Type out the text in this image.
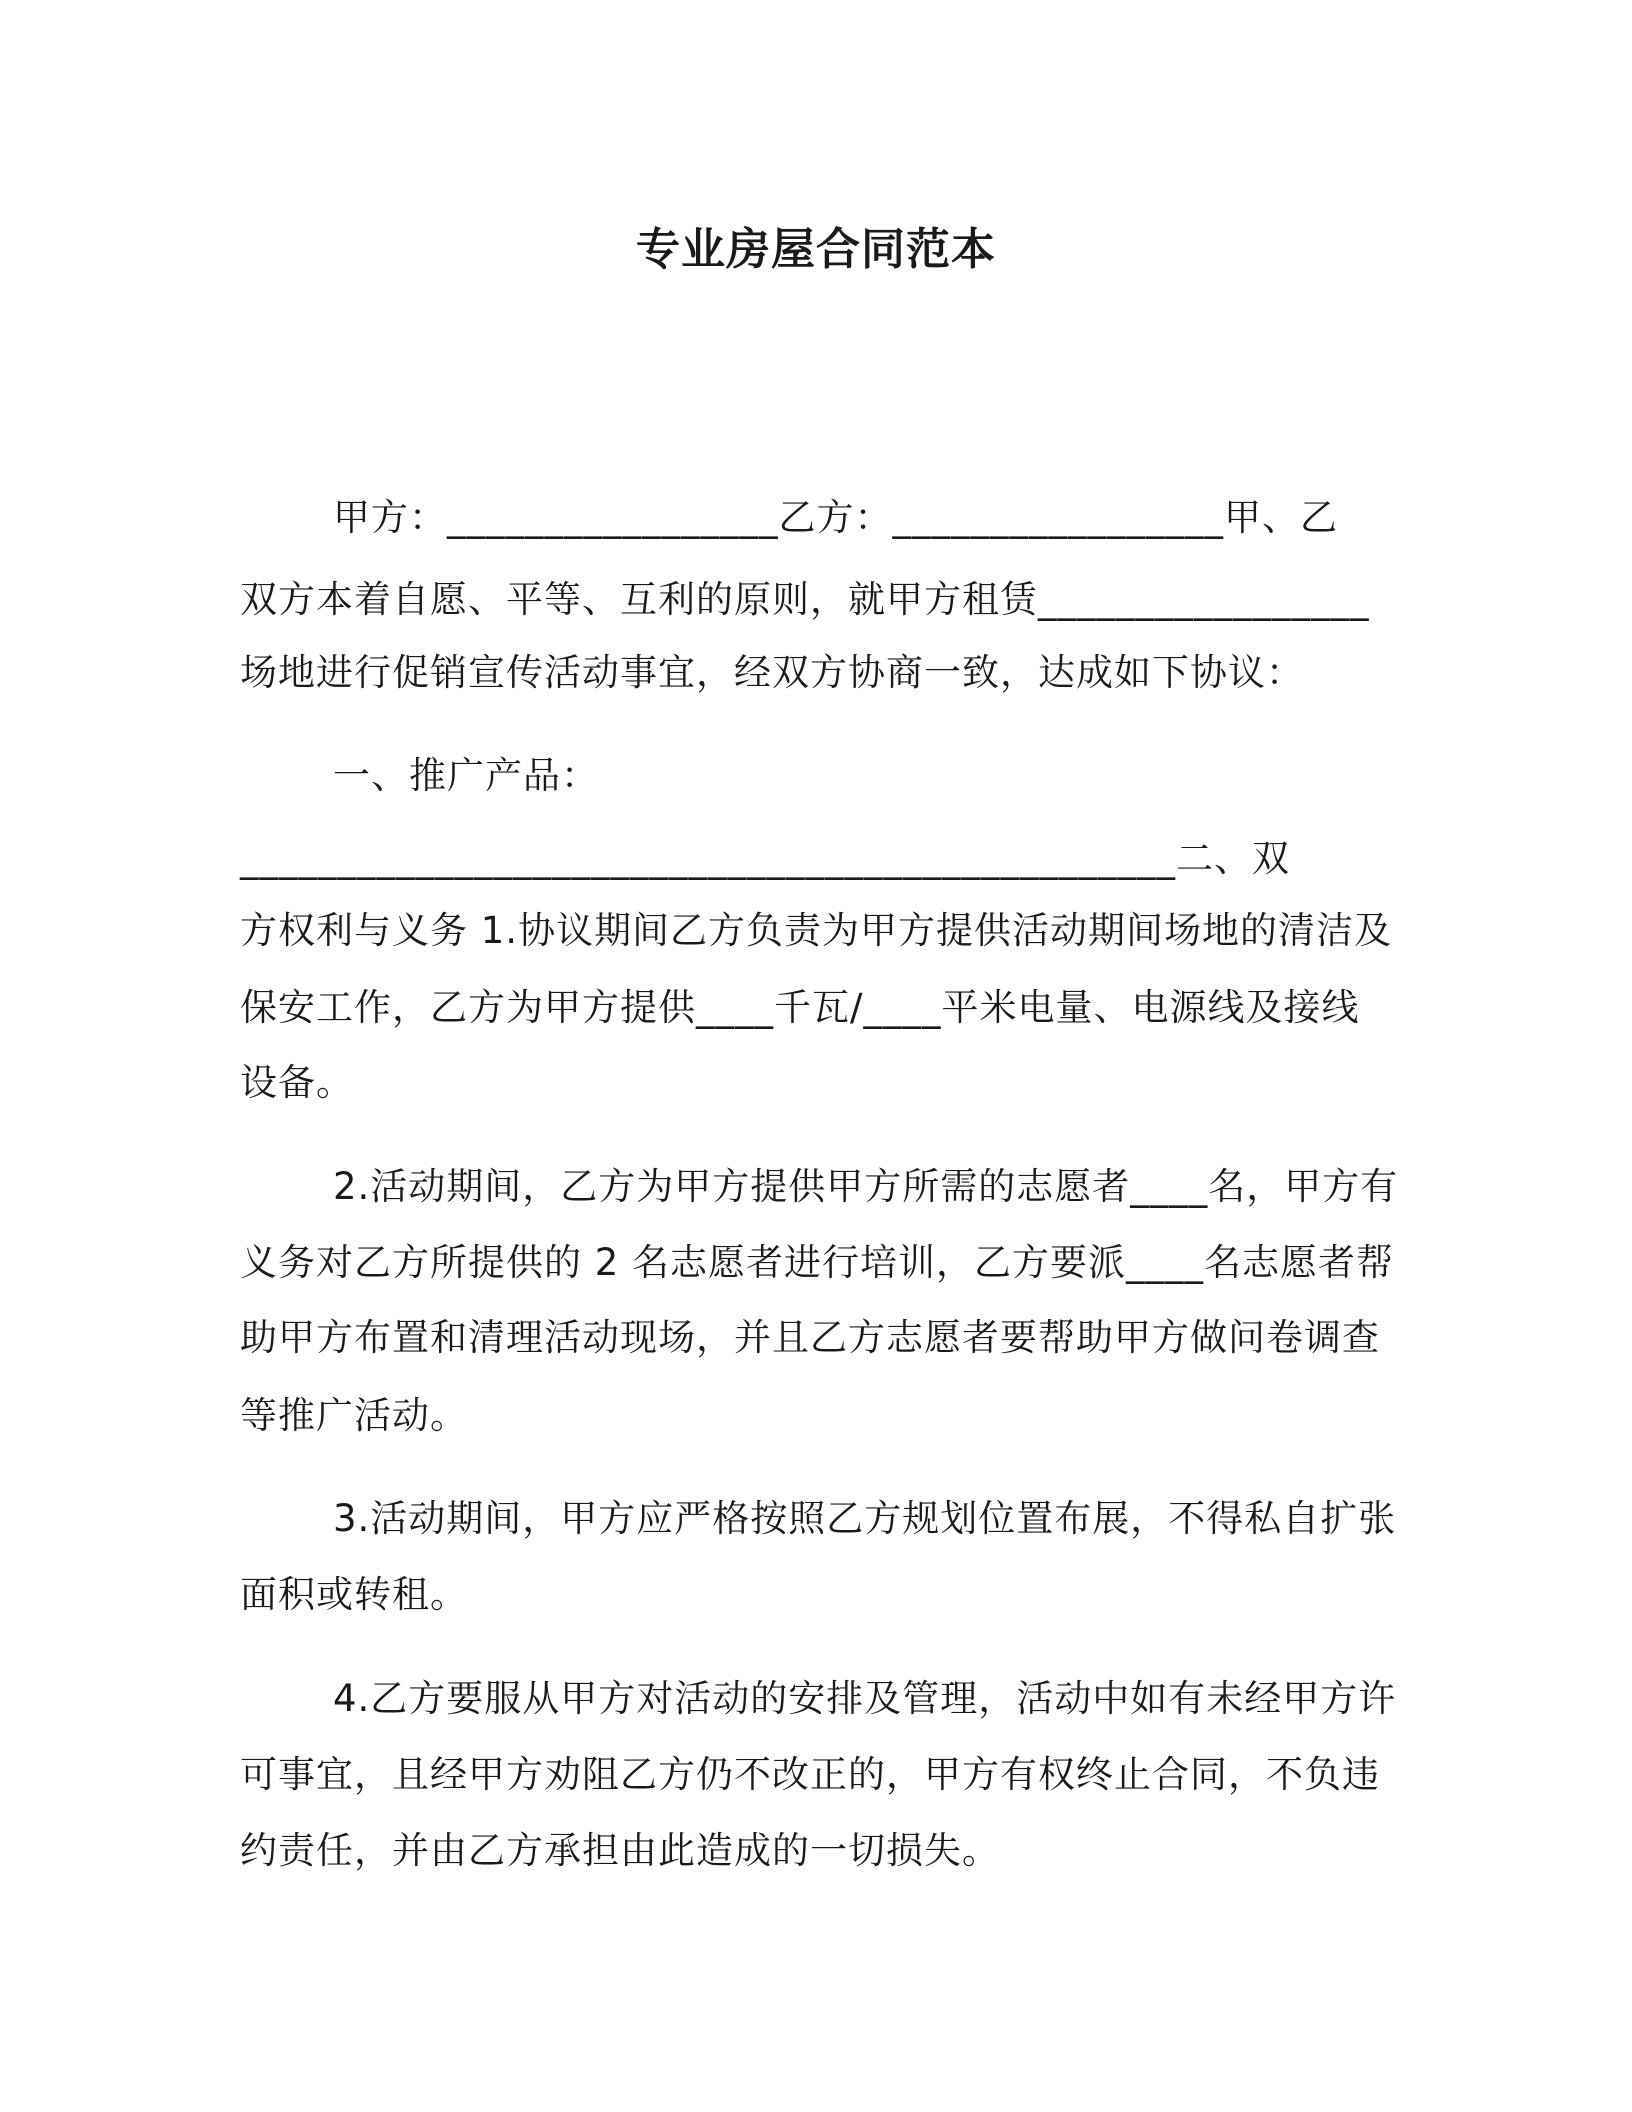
专业房屋合同范本
甲方：_________________乙方：_________________甲、乙
双方本着自愿、平等、互利的原则，就甲方租赁_________________
场地进行促销宣传活动事宜，经双方协商一致，达成如下协议：
一、推广产品：
________________________________________________二、双
方权利与义务 1.协议期间乙方负责为甲方提供活动期间场地的清洁及
保安工作，乙方为甲方提供____千瓦/____平米电量、电源线及接线
设备。
2.活动期间，乙方为甲方提供甲方所需的志愿者____名，甲方有
义务对乙方所提供的 2 名志愿者进行培训，乙方要派____名志愿者帮
助甲方布置和清理活动现场，并且乙方志愿者要帮助甲方做问卷调查
等推广活动。
3.活动期间，甲方应严格按照乙方规划位置布展，不得私自扩张
面积或转租。
4.乙方要服从甲方对活动的安排及管理，活动中如有未经甲方许
可事宜，且经甲方劝阻乙方仍不改正的，甲方有权终止合同，不负违
约责任，并由乙方承担由此造成的一切损失。
